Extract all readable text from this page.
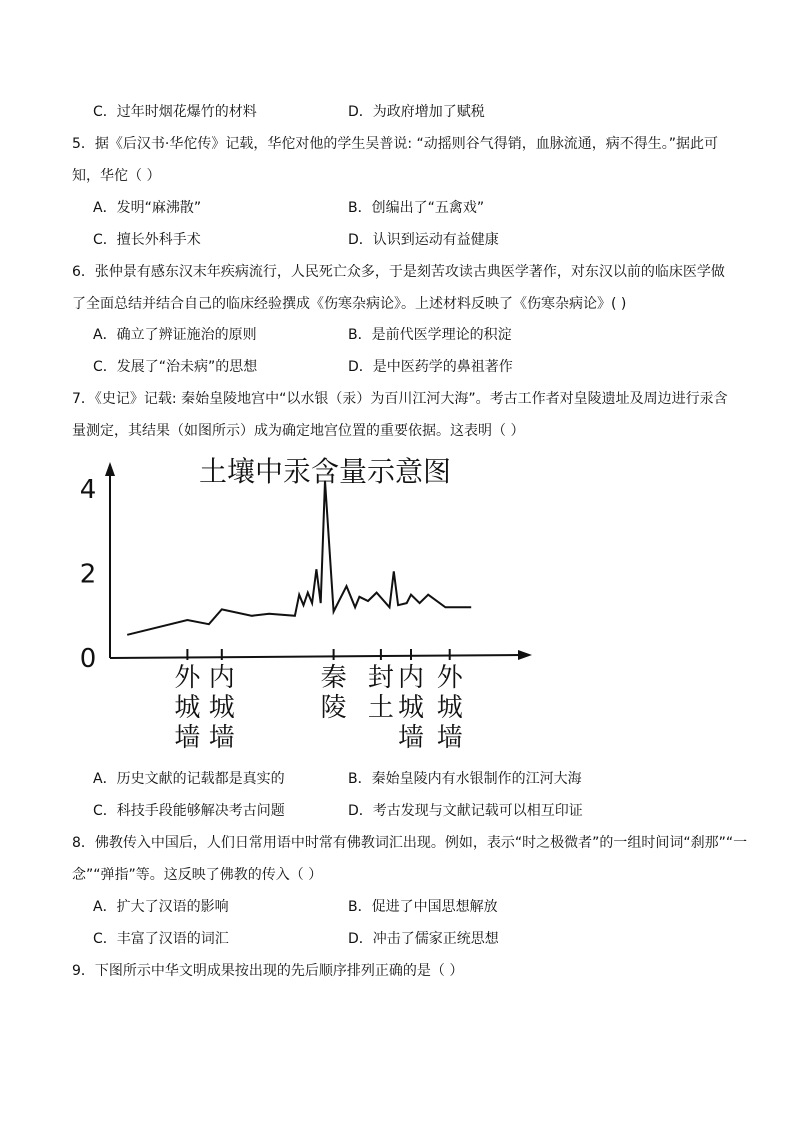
C．过年时烟花爆竹的材料	D．为政府增加了赋税
5．据《后汉书·华佗传》记载，华佗对他的学生吴普说: “动摇则谷气得销，血脉流通，病不得生。”据此可
知，华佗（ ）
A．发明“麻沸散”	B．创编出了“五禽戏”
C．擅长外科手术	D．认识到运动有益健康
6．张仲景有感东汉末年疾病流行，人民死亡众多，于是刻苦攻读古典医学著作，对东汉以前的临床医学做
了全面总结并结合自己的临床经验撰成《伤寒杂病论》。上述材料反映了《伤寒杂病论》( )
A．确立了辨证施治的原则	B．是前代医学理论的积淀
C．发展了“治未病”的思想	D．是中医药学的鼻祖著作
7．《史记》记载: 秦始皇陵地宫中“以水银（汞）为百川江河大海”。考古工作者对皇陵遗址及周边进行汞含
量测定，其结果（如图所示）成为确定地宫位置的重要依据。这表明（ ）
土壤中汞含量示意图
0
2
4
外城墙
内城墙
秦陵
封土
内城墙
外城墙
A．历史文献的记载都是真实的	B．秦始皇陵内有水银制作的江河大海
C．科技手段能够解决考古问题	D．考古发现与文献记载可以相互印证
8．佛教传入中国后，人们日常用语中时常有佛教词汇出现。例如，表示“时之极微者”的一组时间词“刹那”“一
念”“弹指”等。这反映了佛教的传入（ ）
A．扩大了汉语的影响	B．促进了中国思想解放
C．丰富了汉语的词汇	D．冲击了儒家正统思想
9．下图所示中华文明成果按出现的先后顺序排列正确的是（ ）
